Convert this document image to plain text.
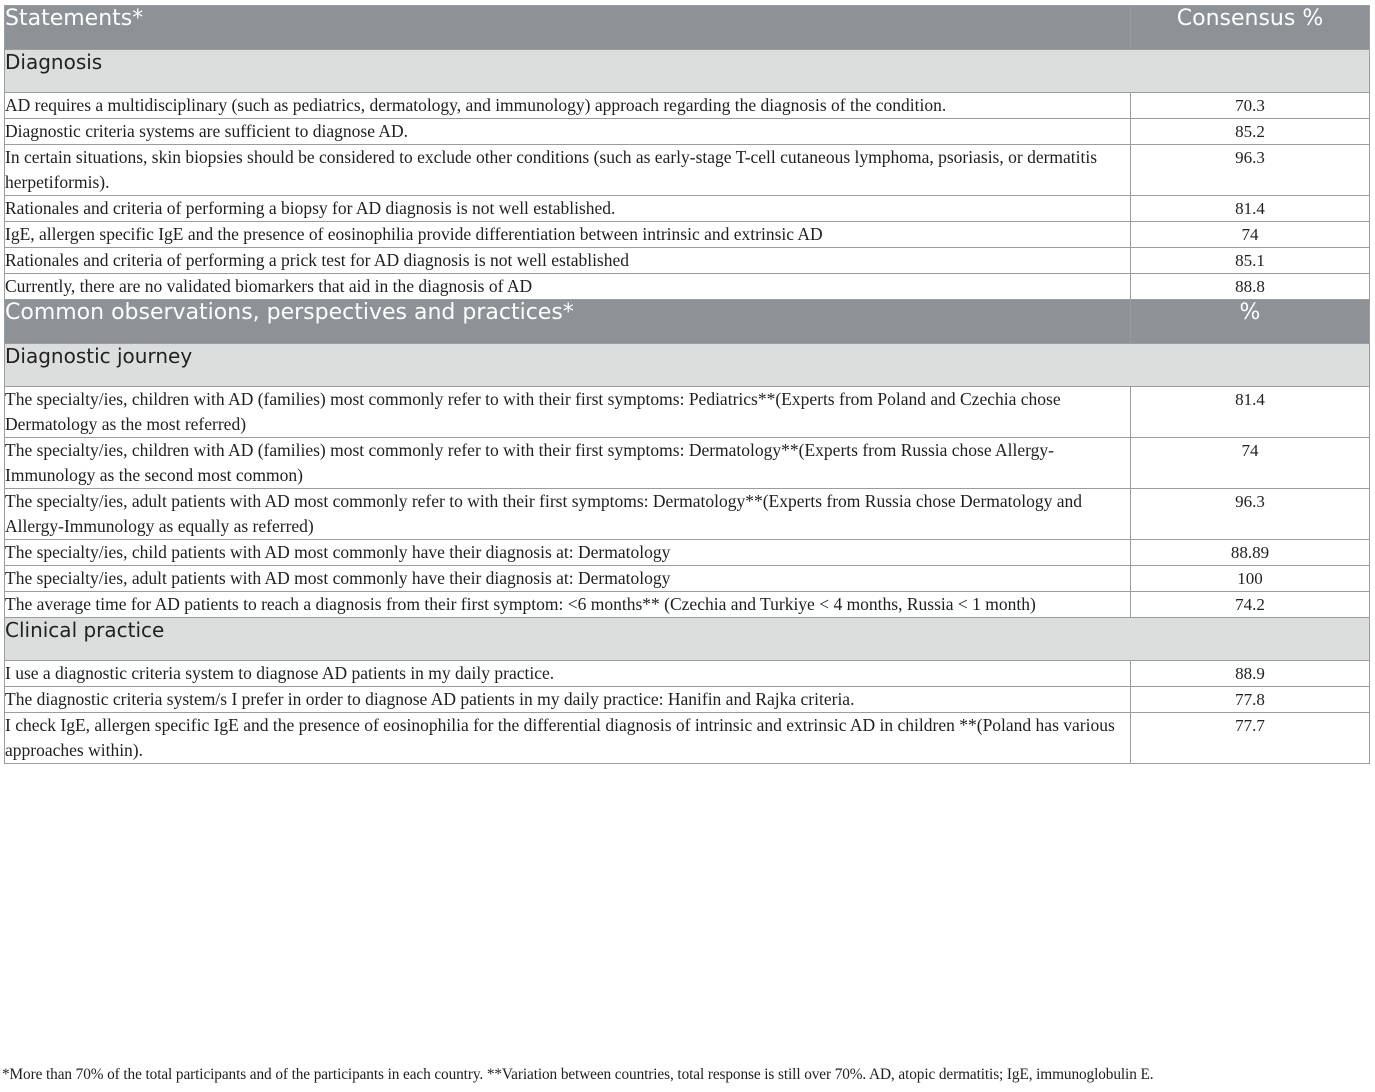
Statements*	Consensus %
Diagnosis	
AD requires a multidisciplinary (such as pediatrics, dermatology, and immunology) approach regarding the diagnosis of the condition.	70.3
Diagnostic criteria systems are sufficient to diagnose AD.	85.2
In certain situations, skin biopsies should be considered to exclude other conditions (such as early-stage T-cell cutaneous lymphoma, psoriasis, or dermatitis herpetiformis).	96.3
Rationales and criteria of performing a biopsy for AD diagnosis is not well established.	81.4
IgE, allergen specific IgE and the presence of eosinophilia provide differentiation between intrinsic and extrinsic AD	74
Rationales and criteria of performing a prick test for AD diagnosis is not well established	85.1
Currently, there are no validated biomarkers that aid in the diagnosis of AD	88.8
Common observations, perspectives and practices*	%
Diagnostic journey	
The specialty/ies, children with AD (families) most commonly refer to with their first symptoms: Pediatrics**(Experts from Poland and Czechia chose Dermatology as the most referred)	81.4
The specialty/ies, children with AD (families) most commonly refer to with their first symptoms: Dermatology**(Experts from Russia chose Allergy-Immunology as the second most common)	74
The specialty/ies, adult patients with AD most commonly refer to with their first symptoms: Dermatology**(Experts from Russia chose Dermatology and Allergy-Immunology as equally as referred)	96.3
The specialty/ies, child patients with AD most commonly have their diagnosis at: Dermatology	88.89
The specialty/ies, adult patients with AD most commonly have their diagnosis at: Dermatology	100
The average time for AD patients to reach a diagnosis from their first symptom: <6 months** (Czechia and Turkiye < 4 months, Russia < 1 month)	74.2
Clinical practice	
I use a diagnostic criteria system to diagnose AD patients in my daily practice.	88.9
The diagnostic criteria system/s I prefer in order to diagnose AD patients in my daily practice: Hanifin and Rajka criteria.	77.8
I check IgE, allergen specific IgE and the presence of eosinophilia for the differential diagnosis of intrinsic and extrinsic AD in children **(Poland has various approaches within).	77.7
*More than 70% of the total participants and of the participants in each country. **Variation between countries, total response is still over 70%. AD, atopic dermatitis; IgE, immunoglobulin E.
